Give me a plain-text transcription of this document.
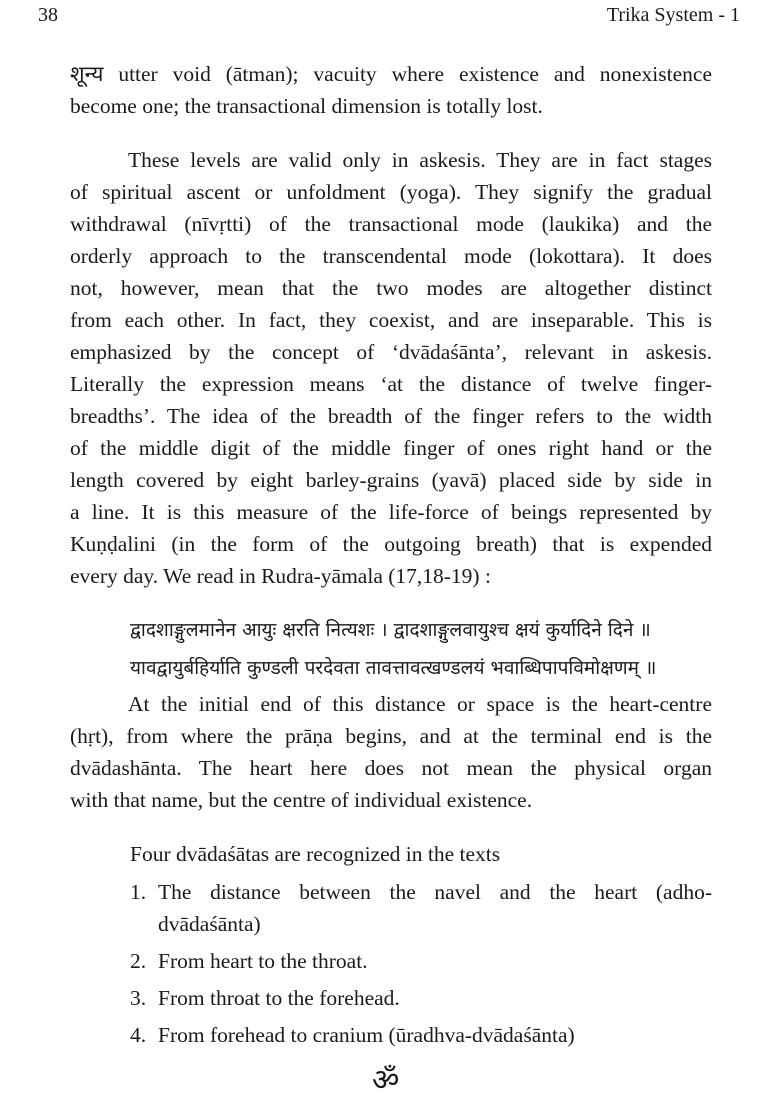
38	Trika System - 1
शून्य utter void (ātman); vacuity where existence and nonexistence
become one; the transactional dimension is totally lost.
These levels are valid only in askesis. They are in fact stages
of spiritual ascent or unfoldment (yoga). They signify the gradual
withdrawal (nīvṛtti) of the transactional mode (laukika) and the
orderly approach to the transcendental mode (lokottara). It does
not, however, mean that the two modes are altogether distinct
from each other. In fact, they coexist, and are inseparable. This is
emphasized by the concept of ‘dvādaśānta’, relevant in askesis.
Literally the expression means ‘at the distance of twelve finger-
breadths’. The idea of the breadth of the finger refers to the width
of the middle digit of the middle finger of ones right hand or the
length covered by eight barley-grains (yavā) placed side by side in
a line. It is this measure of the life-force of beings represented by
Kuṇḍalini (in the form of the outgoing breath) that is expended
every day. We read in Rudra-yāmala (17,18-19) :
द्वादशाङ्गुलमानेन आयुः क्षरति नित्यशः । द्वादशाङ्गुलवायुश्च क्षयं कुर्यादिने दिने ॥
यावद्वायुर्बहिर्याति कुण्डली परदेवता तावत्तावत्खण्डलयं भवाब्धिपापविमोक्षणम् ॥
At the initial end of this distance or space is the heart-centre
(hṛt), from where the prāṇa begins, and at the terminal end is the
dvādashānta. The heart here does not mean the physical organ
with that name, but the centre of individual existence.
Four dvādaśātas are recognized in the texts
1. The distance between the navel and the heart (adho-
dvādaśānta)
2. From heart to the throat.
3. From throat to the forehead.
4. From forehead to cranium (ūradhva-dvādaśānta)
ॐ
